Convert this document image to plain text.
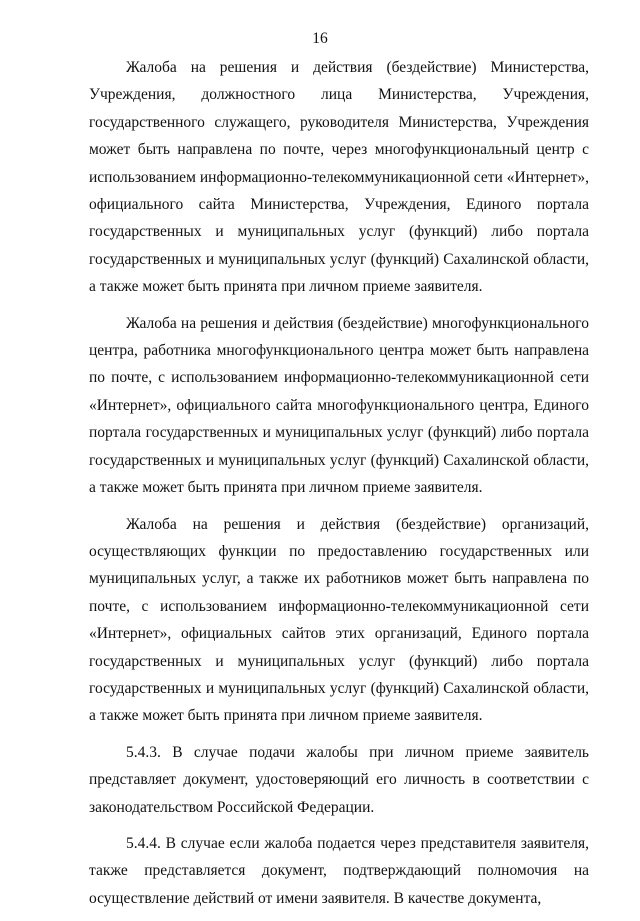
16

Жалоба на решения и действия (бездействие) Министерства, Учреждения, должностного лица Министерства, Учреждения, государственного служащего, руководителя Министерства, Учреждения может быть направлена по почте, через многофункциональный центр с использованием информационно-телекоммуникационной сети «Интернет», официального сайта Министерства, Учреждения, Единого портала государственных и муниципальных услуг (функций) либо портала государственных и муниципальных услуг (функций) Сахалинской области, а также может быть принята при личном приеме заявителя.

Жалоба на решения и действия (бездействие) многофункционального центра, работника многофункционального центра может быть направлена по почте, с использованием информационно-телекоммуникационной сети «Интернет», официального сайта многофункционального центра, Единого портала государственных и муниципальных услуг (функций) либо портала государственных и муниципальных услуг (функций) Сахалинской области, а также может быть принята при личном приеме заявителя.

Жалоба на решения и действия (бездействие) организаций, осуществляющих функции по предоставлению государственных или муниципальных услуг, а также их работников может быть направлена по почте, с использованием информационно-телекоммуникационной сети «Интернет», официальных сайтов этих организаций, Единого портала государственных и муниципальных услуг (функций) либо портала государственных и муниципальных услуг (функций) Сахалинской области, а также может быть принята при личном приеме заявителя.

5.4.3. В случае подачи жалобы при личном приеме заявитель представляет документ, удостоверяющий его личность в соответствии с законодательством Российской Федерации.

5.4.4. В случае если жалоба подается через представителя заявителя, также представляется документ, подтверждающий полномочия на осуществление действий от имени заявителя. В качестве документа,
